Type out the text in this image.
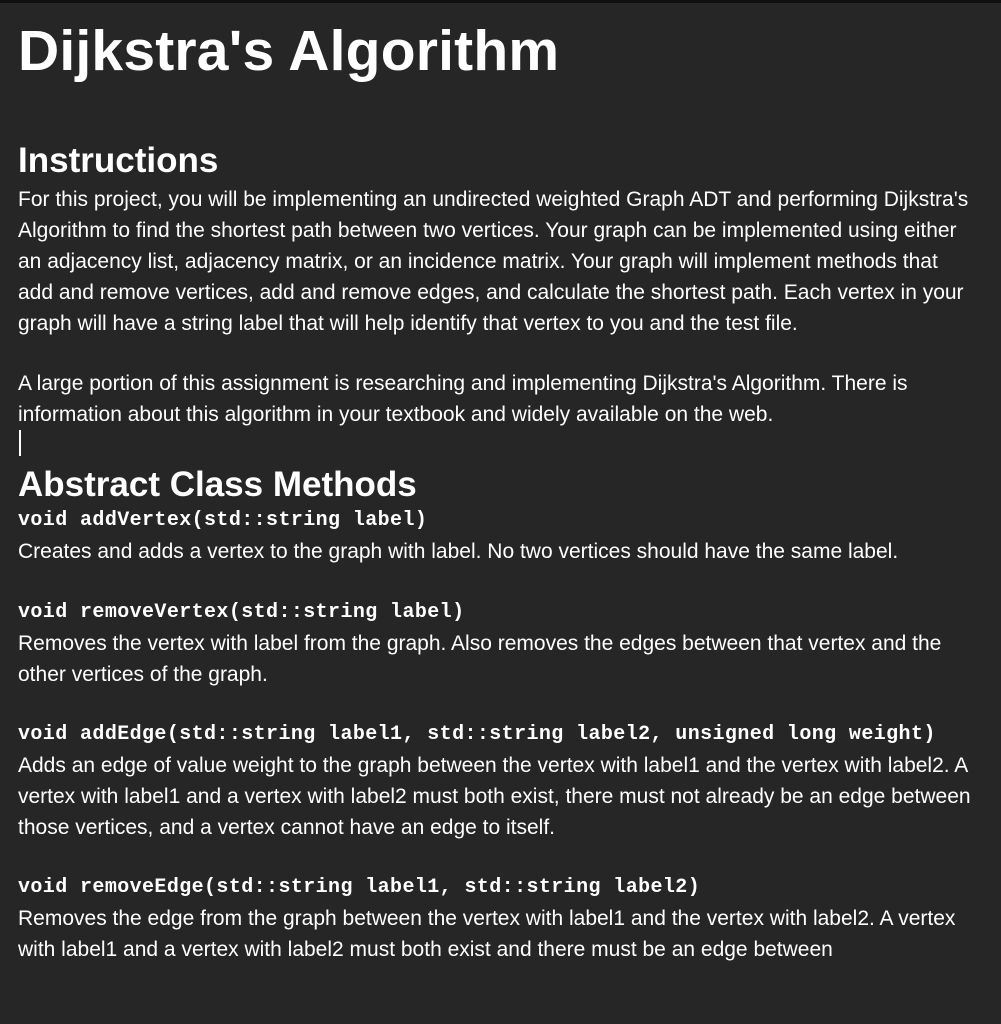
Dijkstra's Algorithm
Instructions

For this project, you will be implementing an undirected weighted Graph ADT and performing Dijkstra's Algorithm to find the shortest path between two vertices. Your graph can be implemented using either an adjacency list, adjacency matrix, or an incidence matrix. Your graph will implement methods that add and remove vertices, add and remove edges, and calculate the shortest path. Each vertex in your graph will have a string label that will help identify that vertex to you and the test file.

A large portion of this assignment is researching and implementing Dijkstra's Algorithm. There is information about this algorithm in your textbook and widely available on the web.

Abstract Class Methods
void addVertex(std::string label)

Creates and adds a vertex to the graph with label. No two vertices should have the same label.

void removeVertex(std::string label)

Removes the vertex with label from the graph. Also removes the edges between that vertex and the other vertices of the graph.

void addEdge(std::string label1, std::string label2, unsigned long weight)

Adds an edge of value weight to the graph between the vertex with label1 and the vertex with label2. A vertex with label1 and a vertex with label2 must both exist, there must not already be an edge between those vertices, and a vertex cannot have an edge to itself.

void removeEdge(std::string label1, std::string label2)

Removes the edge from the graph between the vertex with label1 and the vertex with label2. A vertex with label1 and a vertex with label2 must both exist and there must be an edge between
